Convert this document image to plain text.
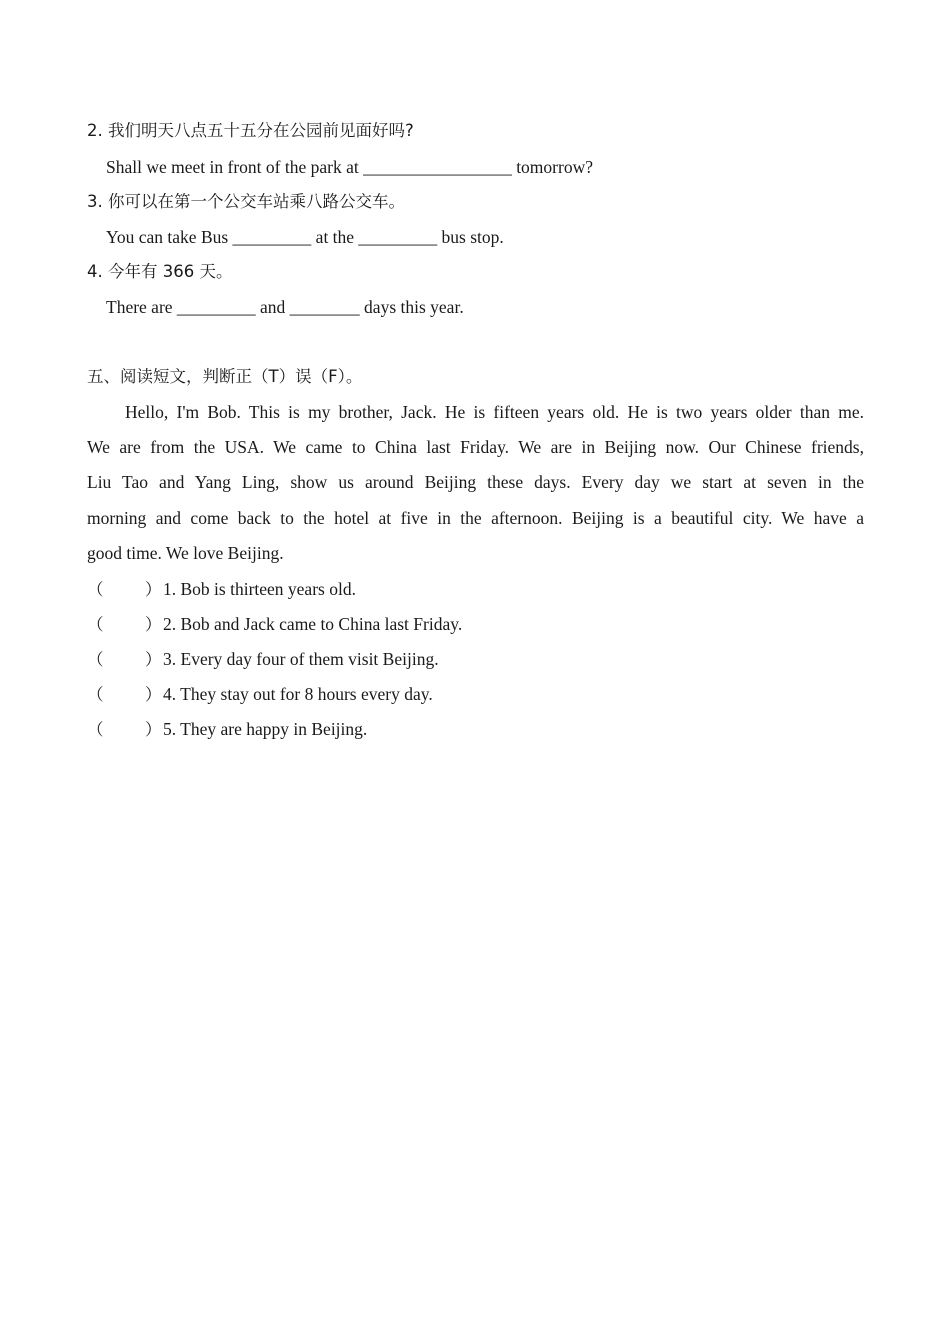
2. 我们明天八点五十五分在公园前见面好吗?
Shall we meet in front of the park at _________________ tomorrow?
3. 你可以在第一个公交车站乘八路公交车。
You can take Bus _________ at the _________ bus stop.
4. 今年有 366 天。
There are _________ and ________ days this year.
五、阅读短文，判断正（T）误（F）。
Hello, I'm Bob. This is my brother, Jack. He is fifteen years old. He is two years older than me.
We are from the USA. We came to China last Friday. We are in Beijing now. Our Chinese friends,
Liu Tao and Yang Ling, show us around Beijing these days. Every day we start at seven in the
morning and come back to the hotel at five in the afternoon. Beijing is a beautiful city. We have a
good time. We love Beijing.
（	）1. Bob is thirteen years old.
（	）2. Bob and Jack came to China last Friday.
（	）3. Every day four of them visit Beijing.
（	）4. They stay out for 8 hours every day.
（	）5. They are happy in Beijing.
